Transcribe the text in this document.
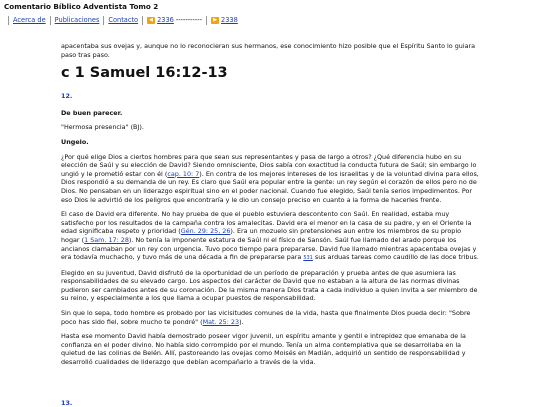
Comentario Bíblico Adventista Tomo 2
Acerca de Publicaciones Contacto	◀ 2336 -----------	▶ 2338

apacentaba sus ovejas y, aunque no lo reconocieran sus hermanos, ese conocimiento hizo posible que el Espíritu Santo lo guiara paso tras paso.

c 1 Samuel 16:12-13

12.

De buen parecer.

"Hermosa presencia" (BJ).

Ungelo.

¿Por qué elige Dios a ciertos hombres para que sean sus representantes y pasa de largo a otros? ¿Qué diferencia hubo en su elección de Saúl y su elección de David? Siendo omnisciente, Dios sabía con exactitud la conducta futura de Saúl; sin embargo lo ungió y le prometió estar con él (cap. 10: 7). En contra de los mejores intereses de los israelitas y de la voluntad divina para ellos, Dios respondió a su demanda de un rey. Es claro que Saúl era popular entre la gente: un rey según el corazón de ellos pero no de Dios. No pensaban en un liderazgo espiritual sino en el poder nacional. Cuando fue elegido, Saúl tenía serios impedimentos. Por eso Dios le advirtió de los peligros que encontraría y le dio un consejo preciso en cuanto a la forma de hacerles frente.

El caso de David era diferente. No hay prueba de que el pueblo estuviera descontento con Saúl. En realidad, estaba muy satisfecho por los resultados de la campaña contra los amalecitas. David era el menor en la casa de su padre, y en el Oriente la edad significaba respeto y prioridad (Gén. 29: 25, 26). Era un mozuelo sin pretensiones aun entre los miembros de su propio hogar (1 Sam. 17: 28). No tenía la imponente estatura de Saúl ni el físico de Sansón. Saúl fue llamado del arado porque los ancianos clamaban por un rey con urgencia. Tuvo poco tiempo para prepararse. David fue llamado mientras apacentaba ovejas y era todavía muchacho, y tuvo más de una década a fin de prepararse para 531 sus arduas tareas como caudillo de las doce tribus.

Elegido en su juventud, David disfrutó de la oportunidad de un período de preparación y prueba antes de que asumiera las responsabilidades de su elevado cargo. Los aspectos del carácter de David que no estaban a la altura de las normas divinas pudieron ser cambiados antes de su coronación. De la misma manera Dios trata a cada individuo a quien invita a ser miembro de su reino, y especialmente a los que llama a ocupar puestos de responsabilidad.

Sin que lo sepa, todo hombre es probado por las vicisitudes comunes de la vida, hasta que finalmente Dios pueda decir: "Sobre poco has sido fiel, sobre mucho te pondré" (Mat. 25: 23).

Hasta ese momento David había demostrado poseer vigor juvenil, un espíritu amante y gentil e intrepidez que emanaba de la confianza en el poder divino. No había sido corrompido por el mundo. Tenía un alma contemplativa que se desarrollaba en la quietud de las colinas de Belén. Allí, pastoreando las ovejas como Moisés en Madián, adquirió un sentido de responsabilidad y desarrolló cualidades de liderazgo que debían acompañarlo a través de la vida.

13.
